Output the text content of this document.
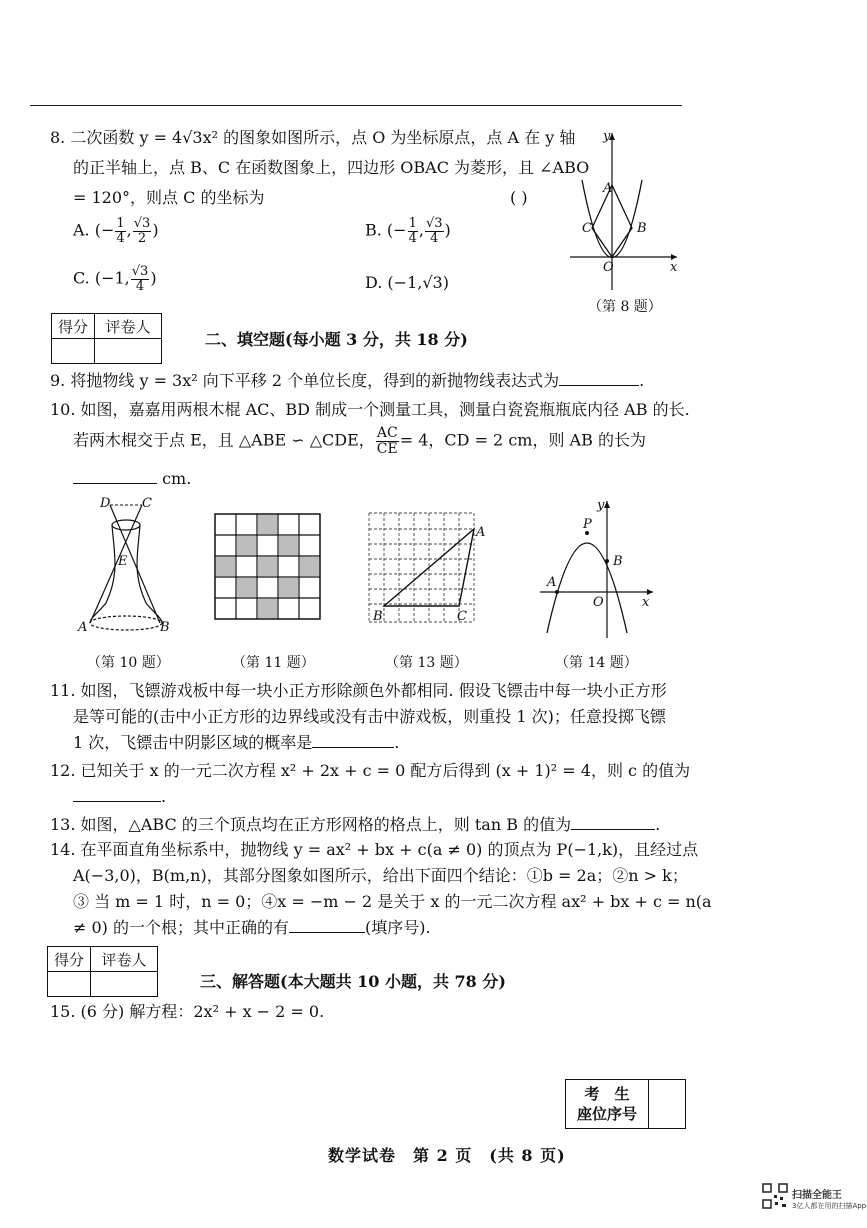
8. 二次函数 y = 4√3x² 的图象如图所示，点 O 为坐标原点，点 A 在 y 轴
的正半轴上，点 B、C 在函数图象上，四边形 OBAC 为菱形，且 ∠ABO
= 120°，则点 C 的坐标为	( )
A. (− $\frac{1}{4}$ , $\frac{√3}{2}$ )	B. (− $\frac{1}{4}$ , $\frac{√3}{4}$ )
C. (−1, $\frac{√3}{4}$ )	D. (−1,√3)
A
C	B
O	x
y
（第 8 题）
得分	评卷人

二、填空题(每小题 3 分，共 18 分)
9. 将抛物线 y = 3x² 向下平移 2 个单位长度，得到的新抛物线表达式为	.
10. 如图，嘉嘉用两根木棍 AC、BD 制成一个测量工具，测量白瓷瓷瓶瓶底内径 AB 的长.
若两木棍交于点 E，且 △ABE ∽ △CDE， $\frac{AC}{CE} = 4$，CD = 2 cm，则 AB 的长为
cm.
D C
E
A	B
A
B	C
A
P
B
O	x
y
（第 10 题）	（第 11 题）	（第 13 题）	（第 14 题）
11. 如图，飞镖游戏板中每一块小正方形除颜色外都相同. 假设飞镖击中每一块小正方形
是等可能的(击中小正方形的边界线或没有击中游戏板，则重投 1 次)；任意投掷飞镖
1 次，飞镖击中阴影区域的概率是	.
12. 已知关于 x 的一元二次方程 x² + 2x + c = 0 配方后得到 (x + 1)² = 4，则 c 的值为
.
13. 如图，△ABC 的三个顶点均在正方形网格的格点上，则 tan B 的值为	.
14. 在平面直角坐标系中，抛物线 y = ax² + bx + c(a ≠ 0) 的顶点为 P(−1,k)，且经过点
A(−3,0)，B(m,n)，其部分图象如图所示，给出下面四个结论：①b = 2a；②n > k；
③ 当 m = 1 时，n = 0；④x = −m − 2 是关于 x 的一元二次方程 ax² + bx + c = n(a
≠ 0) 的一个根；其中正确的有	(填序号).
得分	评卷人

三、解答题(本大题共 10 小题，共 78 分)
15. (6 分) 解方程：2x² + x − 2 = 0.
考　生
座位序号

数学试卷　第 2 页　(共 8 页)
扫描全能王
3亿人都在用的扫描App
